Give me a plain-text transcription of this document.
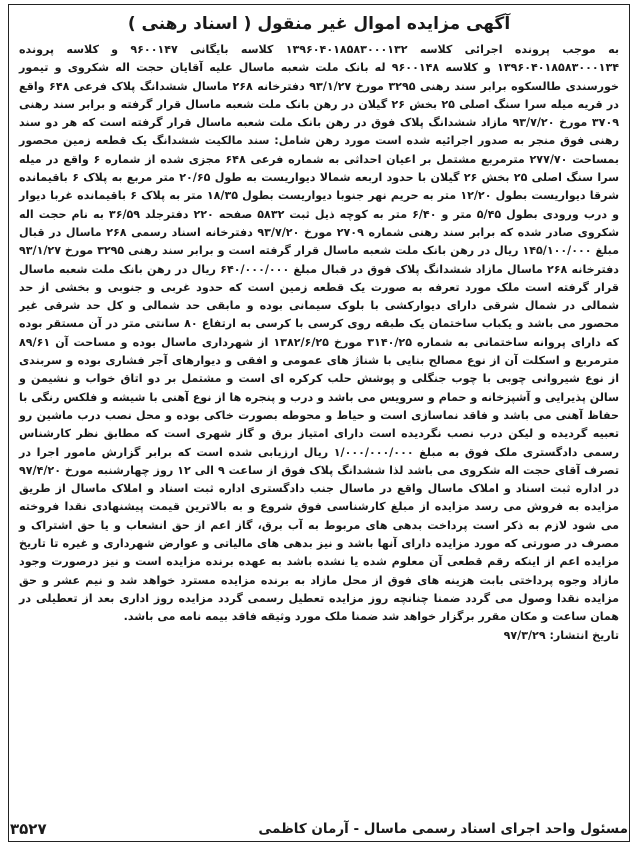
آگهی مزایده اموال غیر منقول ( اسناد رهنی )

به موجب پرونده اجرائی کلاسه ۱۳۹۶۰۴۰۱۸۵۸۳۰۰۰۱۳۲ کلاسه بایگانی ۹۶۰۰۱۴۷ و کلاسه پرونده ۱۳۹۶۰۴۰۱۸۵۸۳۰۰۰۱۳۴ و کلاسه ۹۶۰۰۱۴۸ له بانک ملت شعبه ماسال علیه آقایان حجت اله شکروی و تیمور خورسندی طالسکوه برابر سند رهنی ۳۲۹۵ مورخ ۹۳/۱/۲۷ دفترخانه ۲۶۸ ماسال ششدانگ پلاک فرعی ۶۴۸ واقع در قریه میله سرا سنگ اصلی ۲۵ بخش ۲۶ گیلان در رهن بانک ملت شعبه ماسال قرار گرفته و برابر سند رهنی ۳۷۰۹ مورخ ۹۳/۷/۲۰ مازاد ششدانگ پلاک فوق در رهن بانک ملت شعبه ماسال قرار گرفته است که هر دو سند رهنی فوق منجر به صدور اجرائیه شده است مورد رهن شامل: سند مالکیت ششدانگ یک قطعه زمین محصور بمساحت ۲۷۷/۷۰ مترمربع مشتمل بر اعیان احداثی به شماره فرعی ۶۴۸ مجزی شده از شماره ۶ واقع در میله سرا سنگ اصلی ۲۵ بخش ۲۶ گیلان با حدود اربعه شمالا دیواریست به طول ۲۰/۶۵ متر مربع به پلاک ۶ باقیمانده شرقا دیواریست بطول ۱۲/۲۰ متر به حریم نهر جنوبا دیواریست بطول ۱۸/۳۵ متر به پلاک ۶ باقیمانده غربا دیوار و درب ورودی بطول ۵/۴۵ متر و ۶/۴۰ متر به کوچه ذیل ثبت ۵۸۳۲ صفحه ۲۲۰ دفترجلد ۳۶/۵۹ به نام حجت اله شکروی صادر شده که برابر سند رهنی شماره ۲۷۰۹ مورخ ۹۳/۷/۲۰ دفترخانه اسناد رسمی ۲۶۸ ماسال در قبال مبلغ ۱۴۵/۱۰۰/۰۰۰ ریال در رهن بانک ملت شعبه ماسال قرار گرفته است و برابر سند رهنی ۳۲۹۵ مورخ ۹۳/۱/۲۷ دفترخانه ۲۶۸ ماسال مازاد ششدانگ پلاک فوق در قبال مبلغ ۶۴۰/۰۰۰/۰۰۰ ریال در رهن بانک ملت شعبه ماسال قرار گرفته است ملک مورد تعرفه به صورت یک قطعه زمین است که حدود غربی و جنوبی و بخشی از حد شمالی در شمال شرقی دارای دیوارکشی با بلوک سیمانی بوده و مابقی حد شمالی و کل حد شرقی غیر محصور می باشد و یکباب ساختمان یک طبقه روی کرسی با کرسی به ارتفاع ۸۰ سانتی متر در آن مستقر بوده که دارای پروانه ساختمانی به شماره ۳۱۴۰/۲۵ مورخ ۱۳۸۲/۶/۲۵ از شهرداری ماسال بوده و مساحت آن ۸۹/۶۱ مترمربع و اسکلت آن از نوع مصالح بنایی با شناژ های عمومی و افقی و دیوارهای آجر فشاری بوده و سربندی از نوع شیروانی چوبی با چوب جنگلی و پوشش حلب کرکره ای است و مشتمل بر دو اتاق خواب و نشیمن و سالن پذیرایی و آشپزخانه و حمام و سرویس می باشد و درب و پنجره ها از نوع آهنی با شیشه و فلکس رنگی با حفاظ آهنی می باشد و فاقد نماسازی است و حیاط و محوطه بصورت خاکی بوده و محل نصب درب ماشین رو تعبیه گردیده و لیکن درب نصب نگردیده است دارای امتیاز برق و گاز شهری است که مطابق نظر کارشناس رسمی دادگستری ملک فوق به مبلغ ۱/۰۰۰/۰۰۰/۰۰۰ ریال ارزیابی شده است که برابر گزارش مامور اجرا در تصرف آقای حجت اله شکروی می باشد لذا ششدانگ پلاک فوق از ساعت ۹ الی ۱۲ روز چهارشنبه مورخ ۹۷/۴/۲۰ در اداره ثبت اسناد و املاک ماسال واقع در ماسال جنب دادگستری اداره ثبت اسناد و املاک ماسال از طریق مزایده به فروش می رسد مزایده از مبلغ کارشناسی فوق شروع و به بالاترین قیمت پیشنهادی نقدا فروخته می شود لازم به ذکر است پرداخت بدهی های مربوط به آب برق، گاز اعم از حق انشعاب و یا حق اشتراک و مصرف در صورتی که مورد مزایده دارای آنها باشد و نیز بدهی های مالیاتی و عوارض شهرداری و غیره تا تاریخ مزایده اعم از اینکه رقم قطعی آن معلوم شده یا نشده باشد به عهده برنده مزایده است و نیز درصورت وجود مازاد وجوه پرداختی بابت هزینه های فوق از محل مازاد به برنده مزایده مسترد خواهد شد و نیم عشر و حق مزایده نقدا وصول می گردد ضمنا چنانچه روز مزایده تعطیل رسمی گردد مزایده روز اداری بعد از تعطیلی در همان ساعت و مکان مقرر برگزار خواهد شد ضمنا ملک مورد وثیقه فاقد بیمه نامه می باشد.

تاریخ انتشار: ۹۷/۳/۲۹

مسئول واحد اجرای اسناد رسمی ماسال - آرمان کاظمی
۳۵۲۷
